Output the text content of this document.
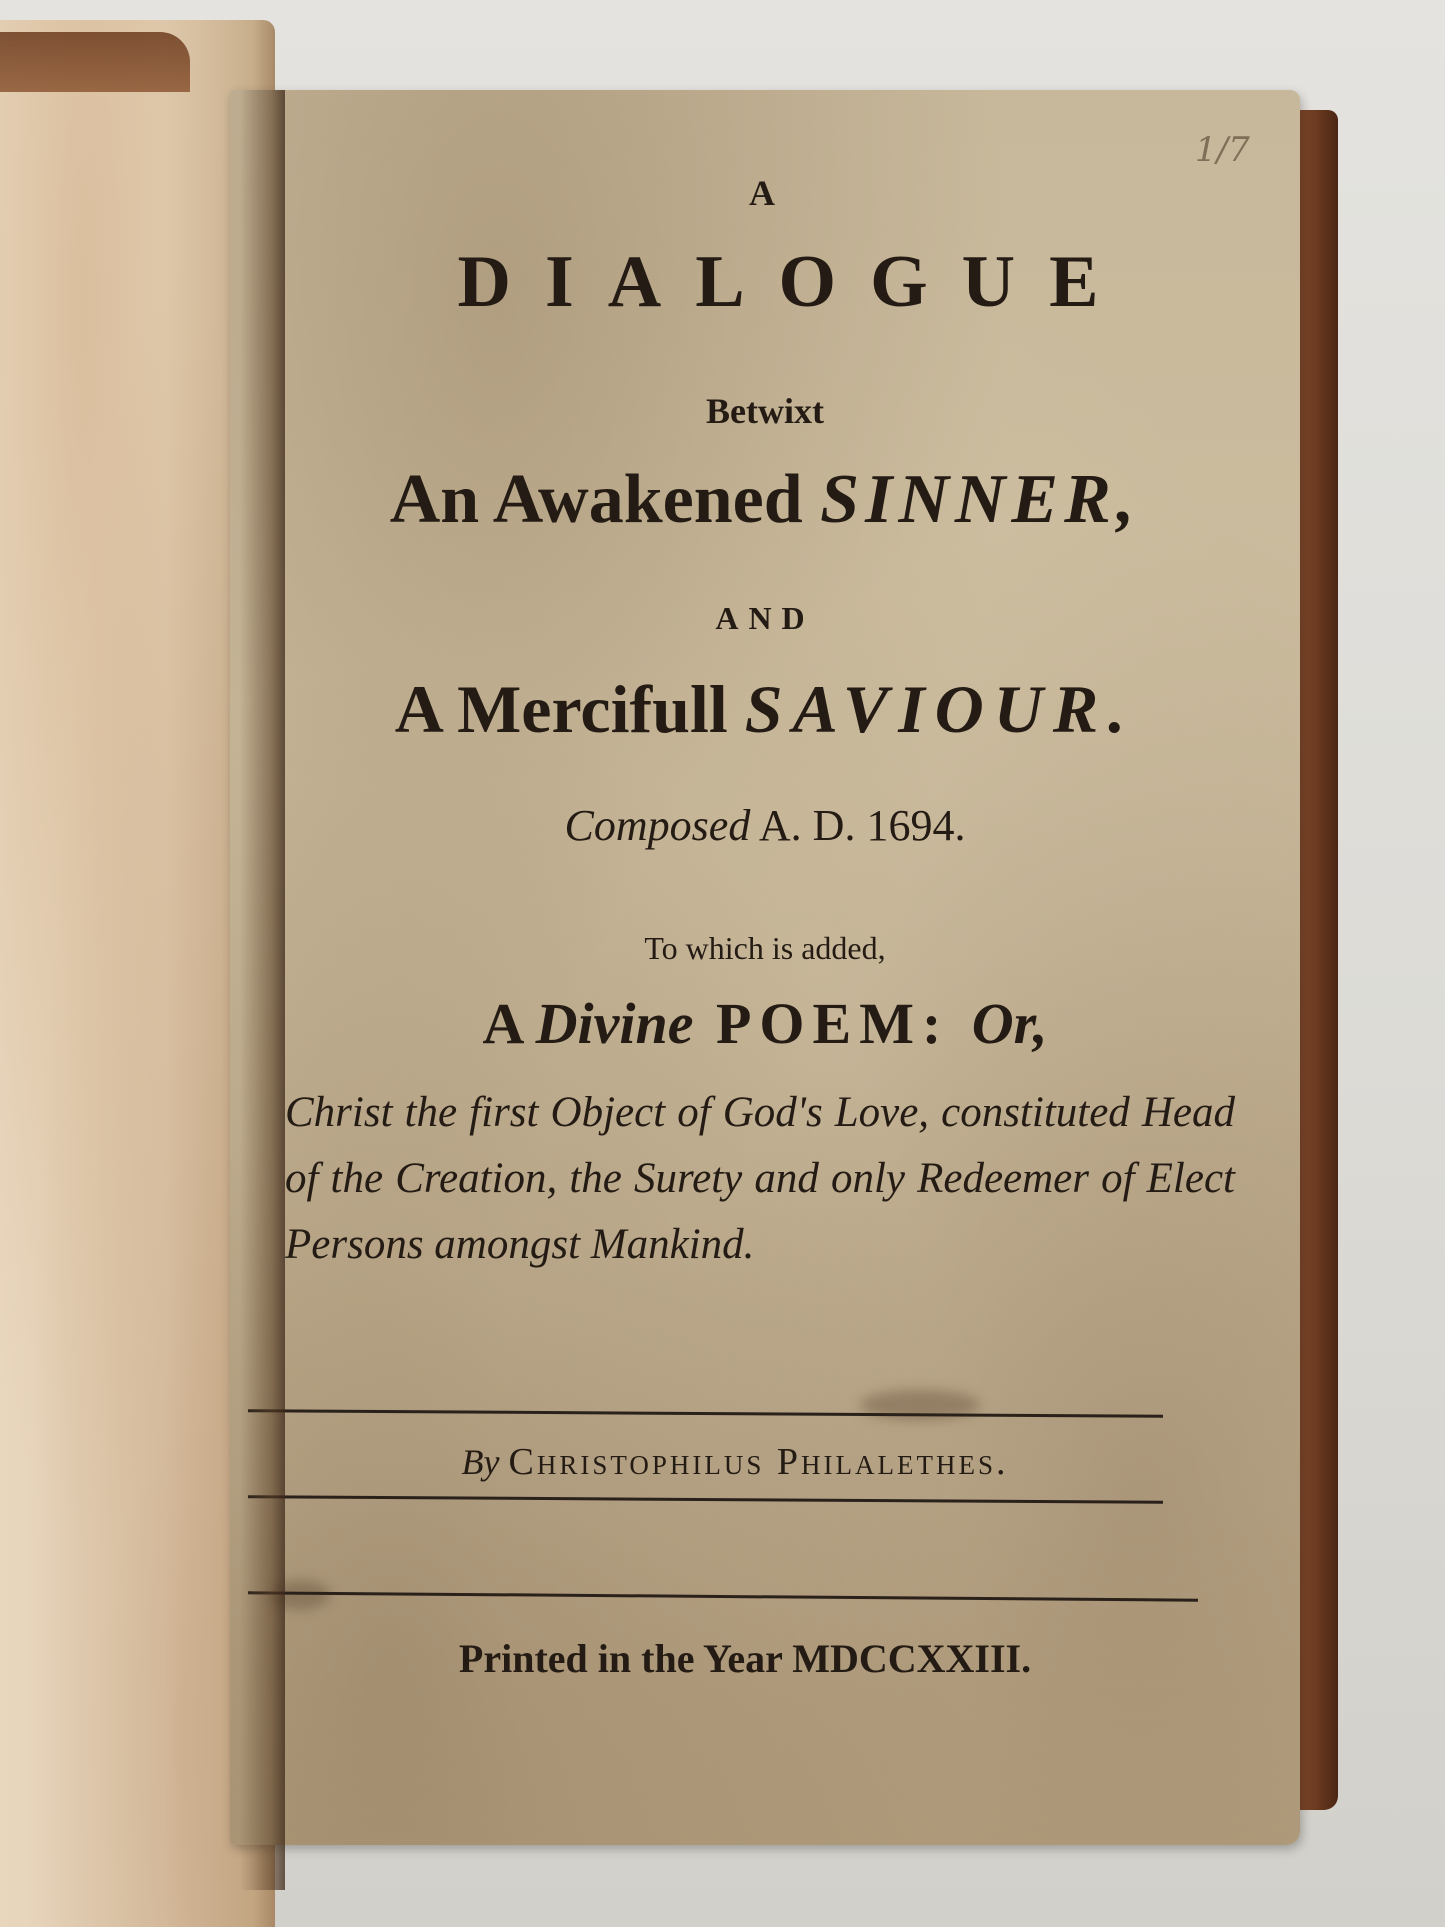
1/7
A
DIALOGUE
Betwixt
An Awakened SINNER,
AND
A Mercifull SAVIOUR.
Composed A. D. 1694.
To which is added,
A Divine POEM: Or,
Christ the first Object of God's Love, constituted Head of the Creation, the Surety and only Redeemer of Elect Persons amongst Mankind.
By Christophilus Philalethes.
Printed in the Year MDCCXXIII.
